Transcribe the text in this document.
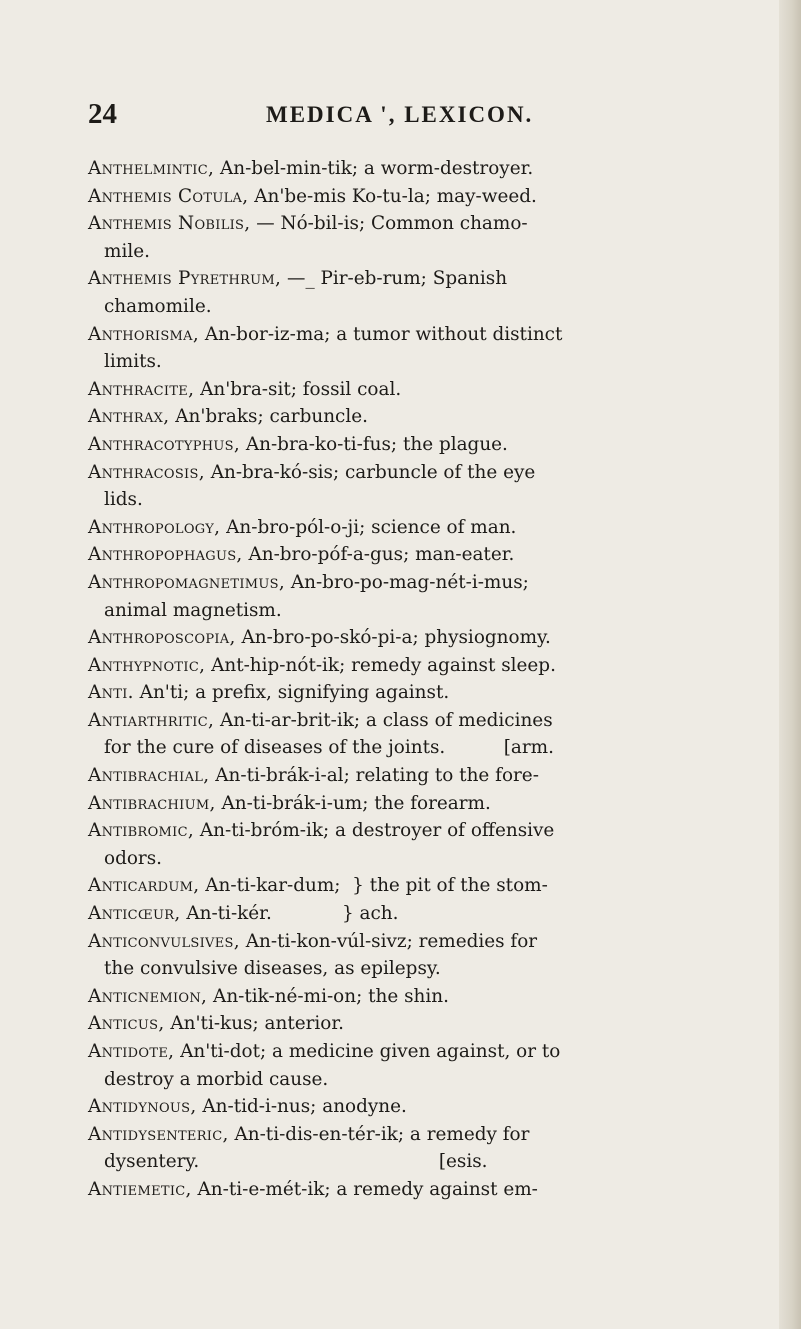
24	MEDICA ', LEXICON.
Anthelmintic, An-bel-min-tik; a worm-destroyer.
Anthemis Cotula, An'be-mis Ko-tu-la; may-weed.
Anthemis Nobilis, — Nó-bil-is; Common chamo-
mile.
Anthemis Pyrethrum, —_ Pir-eb-rum; Spanish
chamomile.
Anthorisma, An-bor-iz-ma; a tumor without distinct
limits.
Anthracite, An'bra-sit; fossil coal.
Anthrax, An'braks; carbuncle.
Anthracotyphus, An-bra-ko-ti-fus; the plague.
Anthracosis, An-bra-kó-sis; carbuncle of the eye
lids.
Anthropology, An-bro-pól-o-ji; science of man.
Anthropophagus, An-bro-póf-a-gus; man-eater.
Anthropomagnetimus, An-bro-po-mag-nét-i-mus;
animal magnetism.
Anthroposcopia, An-bro-po-skó-pi-a; physiognomy.
Anthypnotic, Ant-hip-nót-ik; remedy against sleep.
Anti. An'ti; a prefix, signifying against.
Antiarthritic, An-ti-ar-brit-ik; a class of medicines
for the cure of diseases of the joints.          [arm.
Antibrachial, An-ti-brák-i-al; relating to the fore-
Antibrachium, An-ti-brák-i-um; the forearm.
Antibromic, An-ti-bróm-ik; a destroyer of offensive
odors.
Anticardum, An-ti-kar-dum;  } the pit of the stom-
Anticœur, An-ti-kér.            } ach.
Anticonvulsives, An-ti-kon-vúl-sivz; remedies for
the convulsive diseases, as epilepsy.
Anticnemion, An-tik-né-mi-on; the shin.
Anticus, An'ti-kus; anterior.
Antidote, An'ti-dot; a medicine given against, or to
destroy a morbid cause.
Antidynous, An-tid-i-nus; anodyne.
Antidysenteric, An-ti-dis-en-tér-ik; a remedy for
dysentery.                                         [esis.
Antiemetic, An-ti-e-mét-ik; a remedy against em-
